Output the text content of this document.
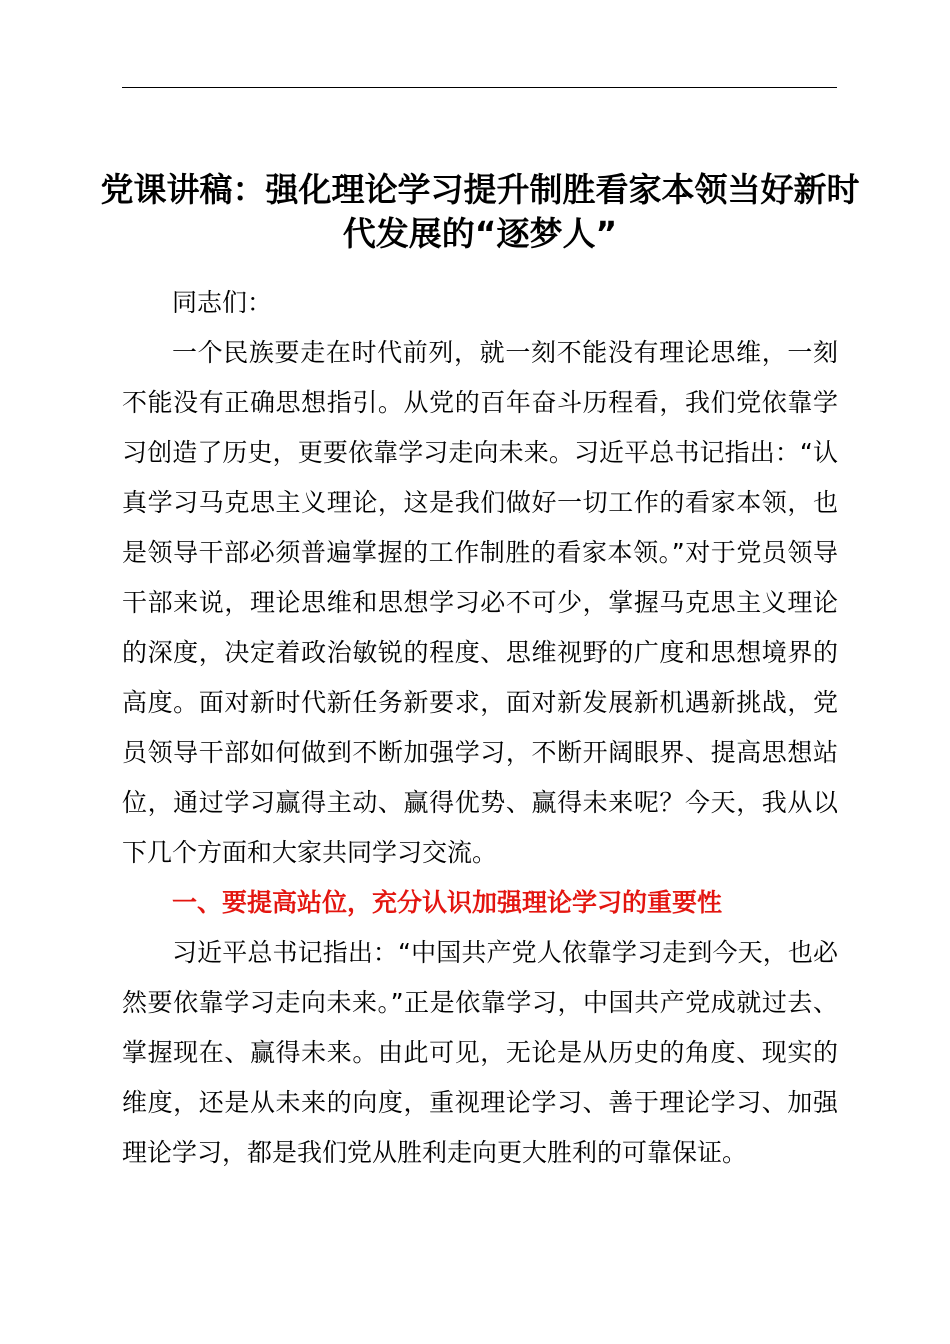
党课讲稿：强化理论学习提升制胜看家本领当好新时代发展的“逐梦人”

同志们：

一个民族要走在时代前列，就一刻不能没有理论思维，一刻不能没有正确思想指引。从党的百年奋斗历程看，我们党依靠学习创造了历史，更要依靠学习走向未来。习近平总书记指出：“认真学习马克思主义理论，这是我们做好一切工作的看家本领，也是领导干部必须普遍掌握的工作制胜的看家本领。”对于党员领导干部来说，理论思维和思想学习必不可少，掌握马克思主义理论的深度，决定着政治敏锐的程度、思维视野的广度和思想境界的高度。面对新时代新任务新要求，面对新发展新机遇新挑战，党员领导干部如何做到不断加强学习，不断开阔眼界、提高思想站位，通过学习赢得主动、赢得优势、赢得未来呢？今天，我从以下几个方面和大家共同学习交流。

一、要提高站位，充分认识加强理论学习的重要性

习近平总书记指出：“中国共产党人依靠学习走到今天，也必然要依靠学习走向未来。”正是依靠学习，中国共产党成就过去、掌握现在、赢得未来。由此可见，无论是从历史的角度、现实的维度，还是从未来的向度，重视理论学习、善于理论学习、加强理论学习，都是我们党从胜利走向更大胜利的可靠保证。
